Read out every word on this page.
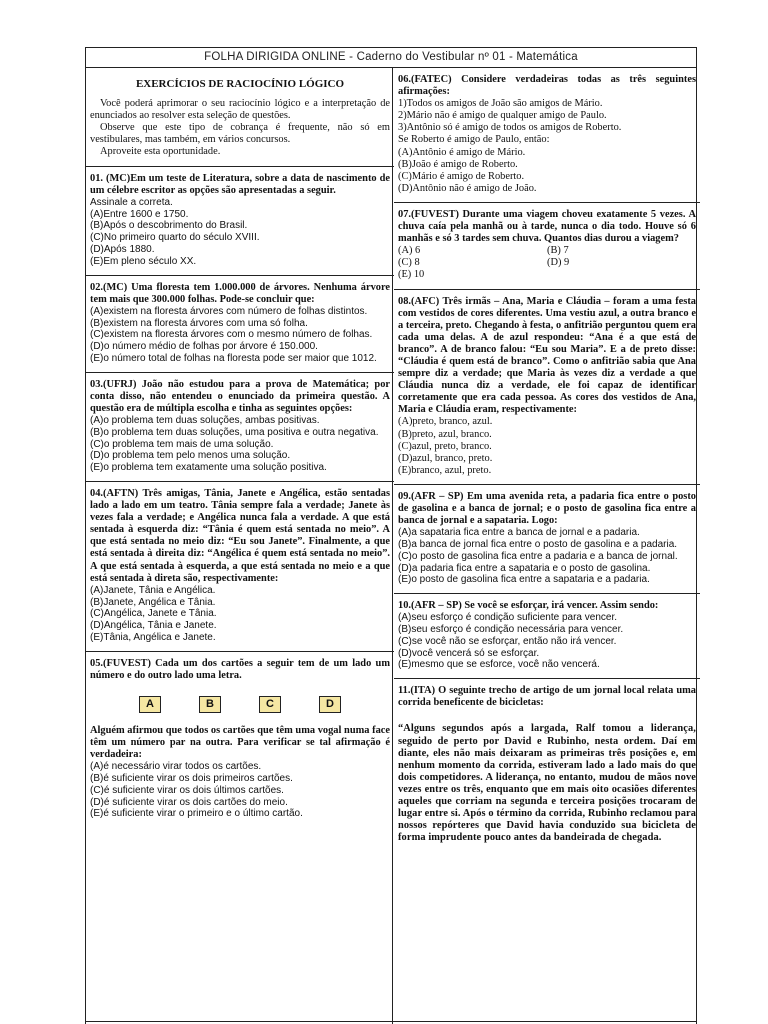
FOLHA DIRIGIDA ONLINE - Caderno do Vestibular nº 01 - Matemática
EXERCÍCIOS DE RACIOCÍNIO LÓGICO

Você poderá aprimorar o seu raciocínio lógico e a interpretação de enunciados ao resolver esta seleção de questões.

Observe que este tipo de cobrança é frequente, não só em vestibulares, mas também, em vários concursos.

Aproveite esta oportunidade.

01. (MC)Em um teste de Literatura, sobre a data de nascimento de um célebre escritor as opções são apresentadas a seguir.

Assinale a correta.

(A)Entre 1600 e 1750.

(B)Após o descobrimento do Brasil.

(C)No primeiro quarto do século XVIII.

(D)Após 1880.

(E)Em pleno século XX.

02.(MC) Uma floresta tem 1.000.000 de árvores. Nenhuma árvore tem mais que 300.000 folhas. Pode-se concluir que:

(A)existem na floresta árvores com número de folhas distintos.

(B)existem na floresta árvores com uma só folha.

(C)existem na floresta árvores com o mesmo número de folhas.

(D)o número médio de folhas por árvore é 150.000.

(E)o número total de folhas na floresta pode ser maior que 1012.

03.(UFRJ) João não estudou para a prova de Matemática; por conta disso, não entendeu o enunciado da primeira questão. A questão era de múltipla escolha e tinha as seguintes opções:

(A)o problema tem duas soluções, ambas positivas.

(B)o problema tem duas soluções, uma positiva e outra negativa.

(C)o problema tem mais de uma solução.

(D)o problema tem pelo menos uma solução.

(E)o problema tem exatamente uma solução positiva.

04.(AFTN) Três amigas, Tânia, Janete e Angélica, estão sentadas lado a lado em um teatro. Tânia sempre fala a verdade; Janete às vezes fala a verdade; e Angélica nunca fala a verdade. A que está sentada à esquerda diz: “Tânia é quem está sentada no meio”. A que está sentada no meio diz: “Eu sou Janete”. Finalmente, a que está sentada à direita diz: “Angélica é quem está sentada no meio”. A que está sentada à esquerda, a que está sentada no meio e a que está sentada à direta são, respectivamente:

(A)Janete, Tânia e Angélica.

(B)Janete, Angélica e Tânia.

(C)Angélica, Janete e Tânia.

(D)Angélica, Tânia e Janete.

(E)Tânia, Angélica e Janete.

05.(FUVEST) Cada um dos cartões a seguir tem de um lado um número e do outro lado uma letra.

A	B	C	D

Alguém afirmou que todos os cartões que têm uma vogal numa face têm um número par na outra. Para verificar se tal afirmação é verdadeira:

(A)é necessário virar todos os cartões.

(B)é suficiente virar os dois primeiros cartões.

(C)é suficiente virar os dois últimos cartões.

(D)é suficiente virar os dois cartões do meio.

(E)é suficiente virar o primeiro e o último cartão.

06.(FATEC) Considere verdadeiras todas as três seguintes afirmações:

1)Todos os amigos de João são amigos de Mário.

2)Mário não é amigo de qualquer amigo de Paulo.

3)Antônio só é amigo de todos os amigos de Roberto.

Se Roberto é amigo de Paulo, então:

(A)Antônio é amigo de Mário.

(B)João é amigo de Roberto.

(C)Mário é amigo de Roberto.

(D)Antônio não é amigo de João.

07.(FUVEST) Durante uma viagem choveu exatamente 5 vezes. A chuva caía pela manhã ou à tarde, nunca o dia todo. Houve só 6 manhãs e só 3 tardes sem chuva. Quantos dias durou a viagem?

(A) 6	(B) 7

(C) 8	(D) 9

(E) 10

08.(AFC) Três irmãs – Ana, Maria e Cláudia – foram a uma festa com vestidos de cores diferentes. Uma vestiu azul, a outra branco e a terceira, preto. Chegando à festa, o anfitrião perguntou quem era cada uma delas. A de azul respondeu: “Ana é a que está de branco”. A de branco falou: “Eu sou Maria”. E a de preto disse: “Cláudia é quem está de branco”. Como o anfitrião sabia que Ana sempre diz a verdade; que Maria às vezes diz a verdade a que Cláudia nunca diz a verdade, ele foi capaz de identificar corretamente que era cada pessoa. As cores dos vestidos de Ana, Maria e Cláudia eram, respectivamente:

(A)preto, branco, azul.

(B)preto, azul, branco.

(C)azul, preto, branco.

(D)azul, branco, preto.

(E)branco, azul, preto.

09.(AFR – SP) Em uma avenida reta, a padaria fica entre o posto de gasolina e a banca de jornal; e o posto de gasolina fica entre a banca de jornal e a sapataria. Logo:

(A)a sapataria fica entre a banca de jornal e a padaria.

(B)a banca de jornal fica entre o posto de gasolina e a padaria.

(C)o posto de gasolina fica entre a padaria e a banca de jornal.

(D)a padaria fica entre a sapataria e o posto de gasolina.

(E)o posto de gasolina fica entre a sapataria e a padaria.

10.(AFR – SP) Se você se esforçar, irá vencer. Assim sendo:

(A)seu esforço é condição suficiente para vencer.

(B)seu esforço é condição necessária para vencer.

(C)se você não se esforçar, então não irá vencer.

(D)você vencerá só se esforçar.

(E)mesmo que se esforce, você não vencerá.

11.(ITA) O seguinte trecho de artigo de um jornal local relata uma corrida beneficente de bicicletas:

“Alguns segundos após a largada, Ralf tomou a liderança, seguido de perto por David e Rubinho, nesta ordem. Daí em diante, eles não mais deixaram as primeiras três posições e, em nenhum momento da corrida, estiveram lado a lado mais do que dois competidores. A liderança, no entanto, mudou de mãos nove vezes entre os três, enquanto que em mais oito ocasiões diferentes aqueles que corriam na segunda e terceira posições trocaram de lugar entre si. Após o término da corrida, Rubinho reclamou para nossos repórteres que David havia conduzido sua bicicleta de forma imprudente pouco antes da bandeirada de chegada.
